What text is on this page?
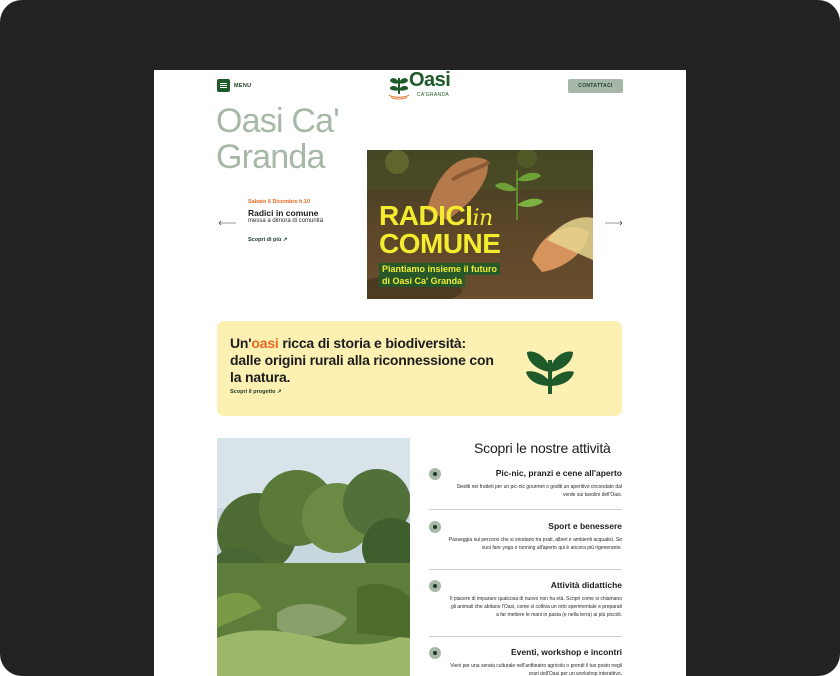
MENU	Oasi
CA'GRANDA
CONTATTACI
Oasi Ca' Granda
Sabato 6 Dicembre h.10
Radici in comune
messa a dimora di comunità
Scopri di più ↗
RADICIin
COMUNE
Piantiamo insieme il futuro
di Oasi Ca' Granda
Un'oasi ricca di storia e biodiversità: dalle origini rurali alla riconnessione con la natura.
Scopri il progetto ↗
Scopri le nostre attività
Pic-nic, pranzi e cene all'aperto
Siediti nei frutteti per un pic-nic gourmet o goditi un aperitivo circondato dal verde sui tavolini dell'Oasi.
Sport e benessere
Passeggia sui percorsi che si snodano tra prati, alberi e ambienti acquatici. Se vuoi fare yoga o running all'aperto qui è ancora più rigenerante.
Attività didattiche
Il piacere di imparare qualcosa di nuovo non ha età. Scopri come si chiamano gli animali che abitano l'Oasi, come si coltiva un orto sperimentale e preparati a far mettere le mani in pasta (e nella terra) ai più piccoli.
Eventi, workshop e incontri
Vieni per una serata culturale nell'anfiteatro agricolo o prendi il tuo posto negli orari dell'Oasi per un workshop interattivo.
